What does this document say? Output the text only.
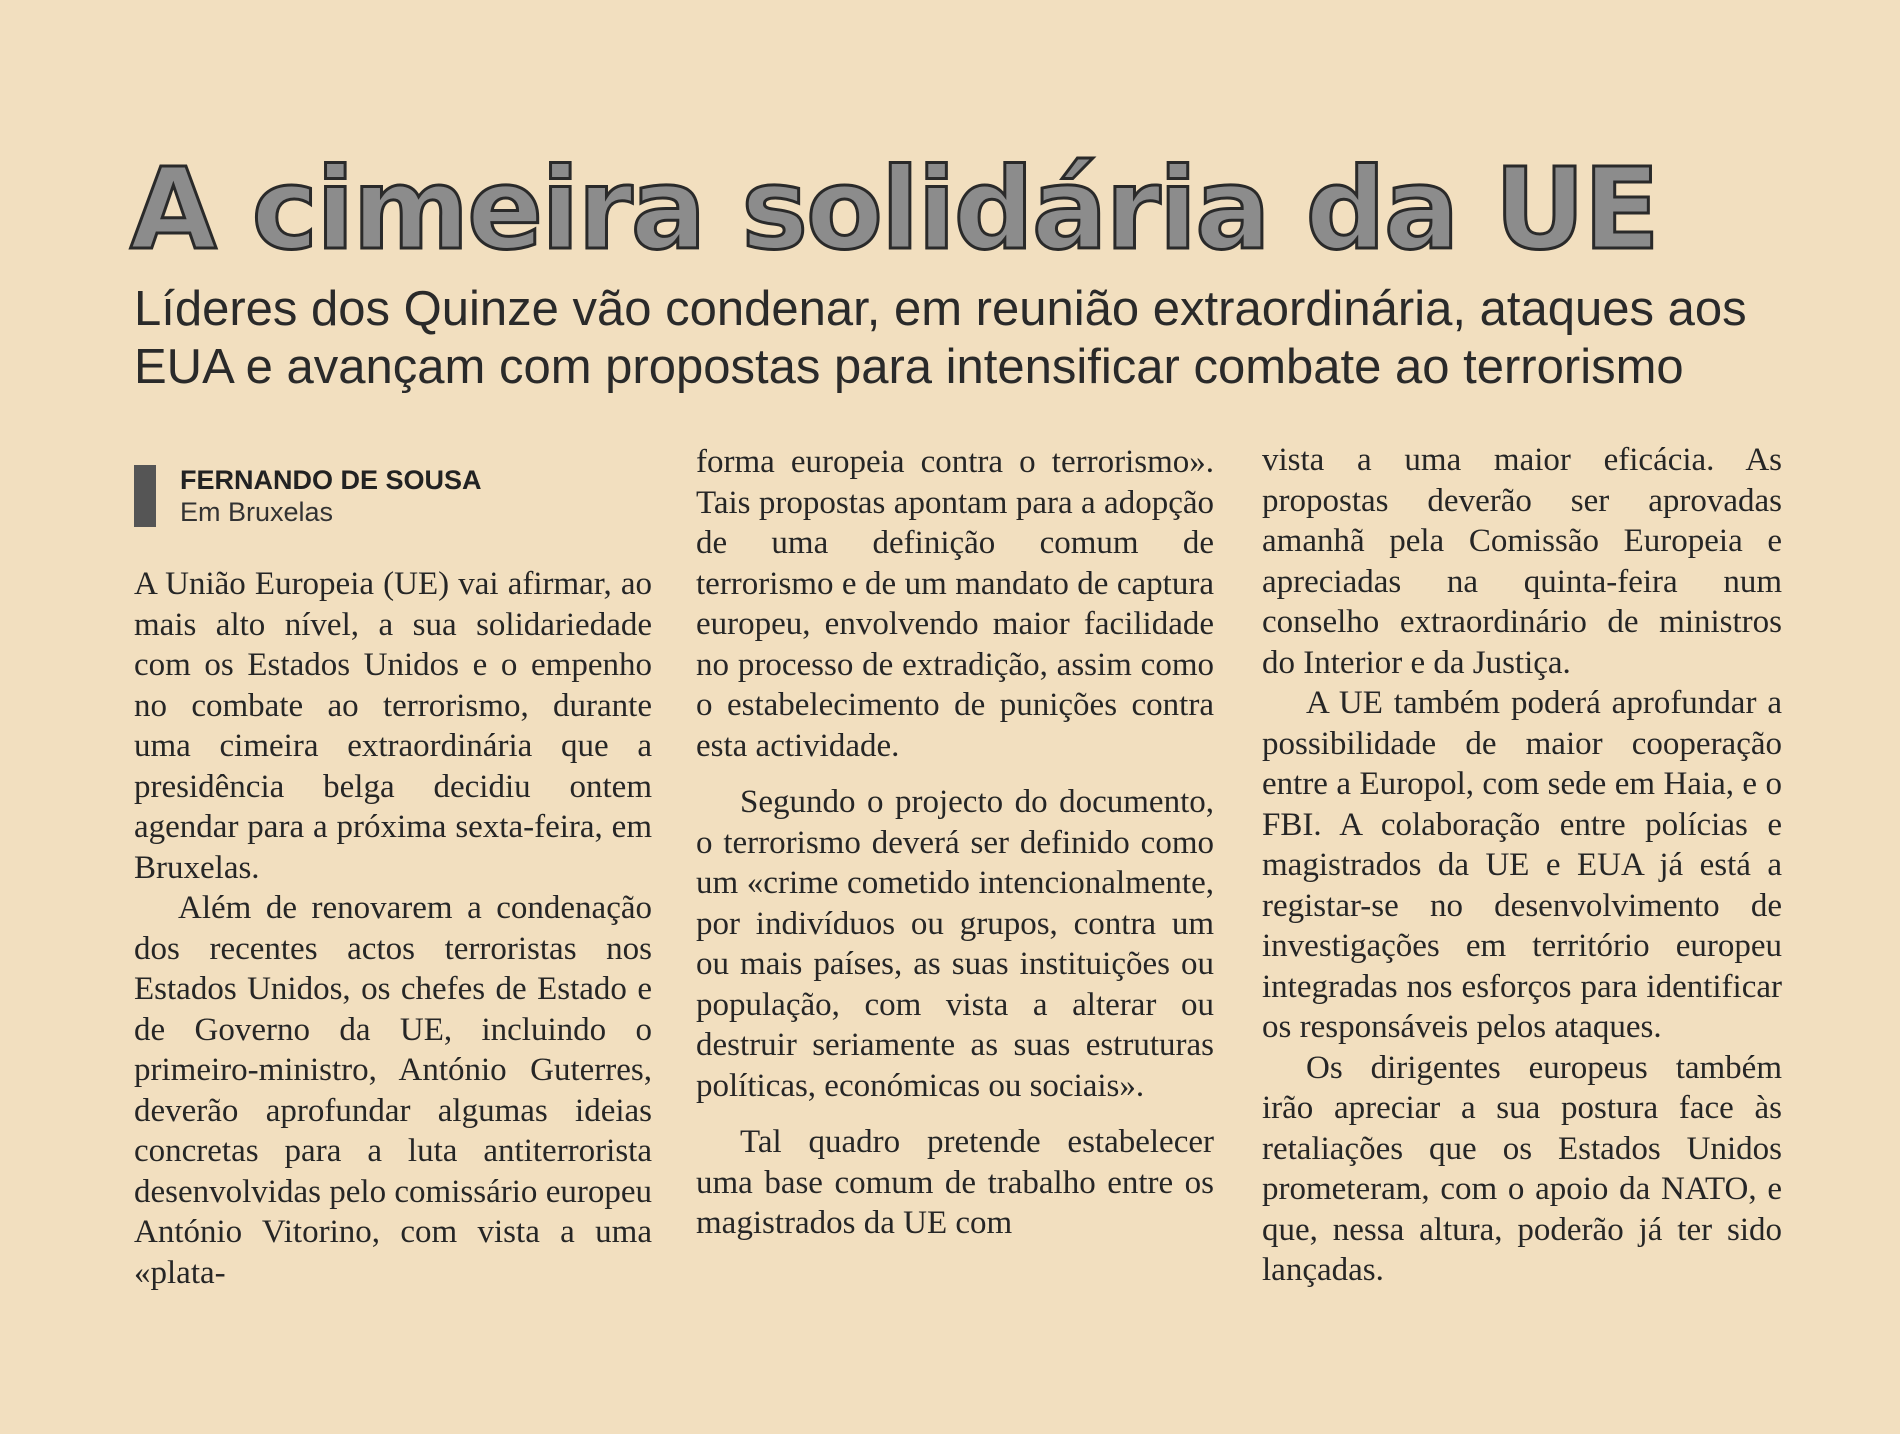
A cimeira solidária da UE

Líderes dos Quinze vão condenar, em reunião extraordinária, ataques aos
EUA e avançam com propostas para intensificar combate ao terrorismo

FERNANDO DE SOUSA
Em Bruxelas

A União Europeia (UE) vai afirmar, ao mais alto nível, a sua solidariedade com os Estados Unidos e o empenho no combate ao terrorismo, durante uma cimeira extraordinária que a presidência belga decidiu ontem agendar para a próxima sexta-feira, em Bruxelas.

Além de renovarem a condenação dos recentes actos terroristas nos Estados Unidos, os chefes de Estado e de Governo da UE, incluindo o primeiro-ministro, António Guterres, deverão aprofundar algumas ideias concretas para a luta antiterrorista desenvolvidas pelo comissário europeu António Vitorino, com vista a uma «plata-

forma europeia contra o terrorismo». Tais propostas apontam para a adopção de uma definição comum de terrorismo e de um mandato de captura europeu, envolvendo maior facilidade no processo de extradição, assim como o estabelecimento de punições contra esta actividade.

Segundo o projecto do documento, o terrorismo deverá ser definido como um «crime cometido intencionalmente, por indivíduos ou grupos, contra um ou mais países, as suas instituições ou população, com vista a alterar ou destruir seriamente as suas estruturas políticas, económicas ou sociais».

Tal quadro pretende estabelecer uma base comum de trabalho entre os magistrados da UE com

vista a uma maior eficácia. As propostas deverão ser aprovadas amanhã pela Comissão Europeia e apreciadas na quinta-feira num conselho extraordinário de ministros do Interior e da Justiça.

A UE também poderá aprofundar a possibilidade de maior cooperação entre a Europol, com sede em Haia, e o FBI. A colaboração entre polícias e magistrados da UE e EUA já está a registar-se no desenvolvimento de investigações em território europeu integradas nos esforços para identificar os responsáveis pelos ataques.

Os dirigentes europeus também irão apreciar a sua postura face às retaliações que os Estados Unidos prometeram, com o apoio da NATO, e que, nessa altura, poderão já ter sido lançadas.
